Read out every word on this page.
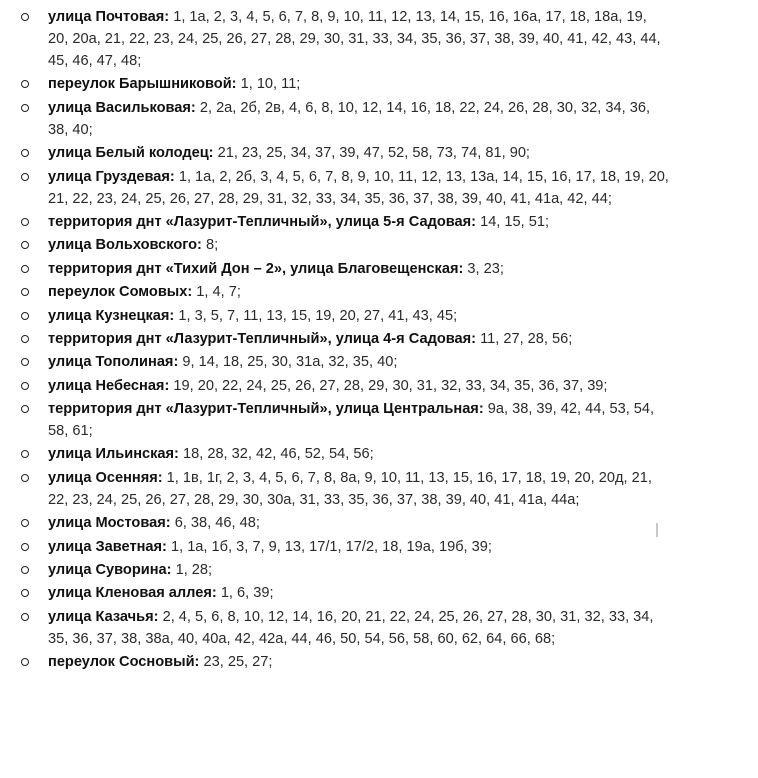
улица Почтовая: 1, 1а, 2, 3, 4, 5, 6, 7, 8, 9, 10, 11, 12, 13, 14, 15, 16, 16а, 17, 18, 18а, 19, 20, 20а, 21, 22, 23, 24, 25, 26, 27, 28, 29, 30, 31, 33, 34, 35, 36, 37, 38, 39, 40, 41, 42, 43, 44, 45, 46, 47, 48;
переулок Барышниковой: 1, 10, 11;
улица Васильковая: 2, 2а, 2б, 2в, 4, 6, 8, 10, 12, 14, 16, 18, 22, 24, 26, 28, 30, 32, 34, 36, 38, 40;
улица Белый колодец: 21, 23, 25, 34, 37, 39, 47, 52, 58, 73, 74, 81, 90;
улица Груздевая: 1, 1а, 2, 2б, 3, 4, 5, 6, 7, 8, 9, 10, 11, 12, 13, 13а, 14, 15, 16, 17, 18, 19, 20, 21, 22, 23, 24, 25, 26, 27, 28, 29, 31, 32, 33, 34, 35, 36, 37, 38, 39, 40, 41, 41а, 42, 44;
территория днт «Лазурит-Тепличный», улица 5-я Садовая: 14, 15, 51;
улица Вольховского: 8;
территория днт «Тихий Дон – 2», улица Благовещенская: 3, 23;
переулок Сомовых: 1, 4, 7;
улица Кузнецкая: 1, 3, 5, 7, 11, 13, 15, 19, 20, 27, 41, 43, 45;
территория днт «Лазурит-Тепличный», улица 4-я Садовая: 11, 27, 28, 56;
улица Тополиная: 9, 14, 18, 25, 30, 31а, 32, 35, 40;
улица Небесная: 19, 20, 22, 24, 25, 26, 27, 28, 29, 30, 31, 32, 33, 34, 35, 36, 37, 39;
территория днт «Лазурит-Тепличный», улица Центральная: 9а, 38, 39, 42, 44, 53, 54, 58, 61;
улица Ильинская: 18, 28, 32, 42, 46, 52, 54, 56;
улица Осенняя: 1, 1в, 1г, 2, 3, 4, 5, 6, 7, 8, 8а, 9, 10, 11, 13, 15, 16, 17, 18, 19, 20, 20д, 21, 22, 23, 24, 25, 26, 27, 28, 29, 30, 30а, 31, 33, 35, 36, 37, 38, 39, 40, 41, 41а, 44а;
улица Мостовая: 6, 38, 46, 48;
улица Заветная: 1, 1а, 1б, 3, 7, 9, 13, 17/1, 17/2, 18, 19а, 19б, 39;
улица Суворина: 1, 28;
улица Кленовая аллея: 1, 6, 39;
улица Казачья: 2, 4, 5, 6, 8, 10, 12, 14, 16, 20, 21, 22, 24, 25, 26, 27, 28, 30, 31, 32, 33, 34, 35, 36, 37, 38, 38а, 40, 40а, 42, 42а, 44, 46, 50, 54, 56, 58, 60, 62, 64, 66, 68;
переулок Сосновый: 23, 25, 27;
